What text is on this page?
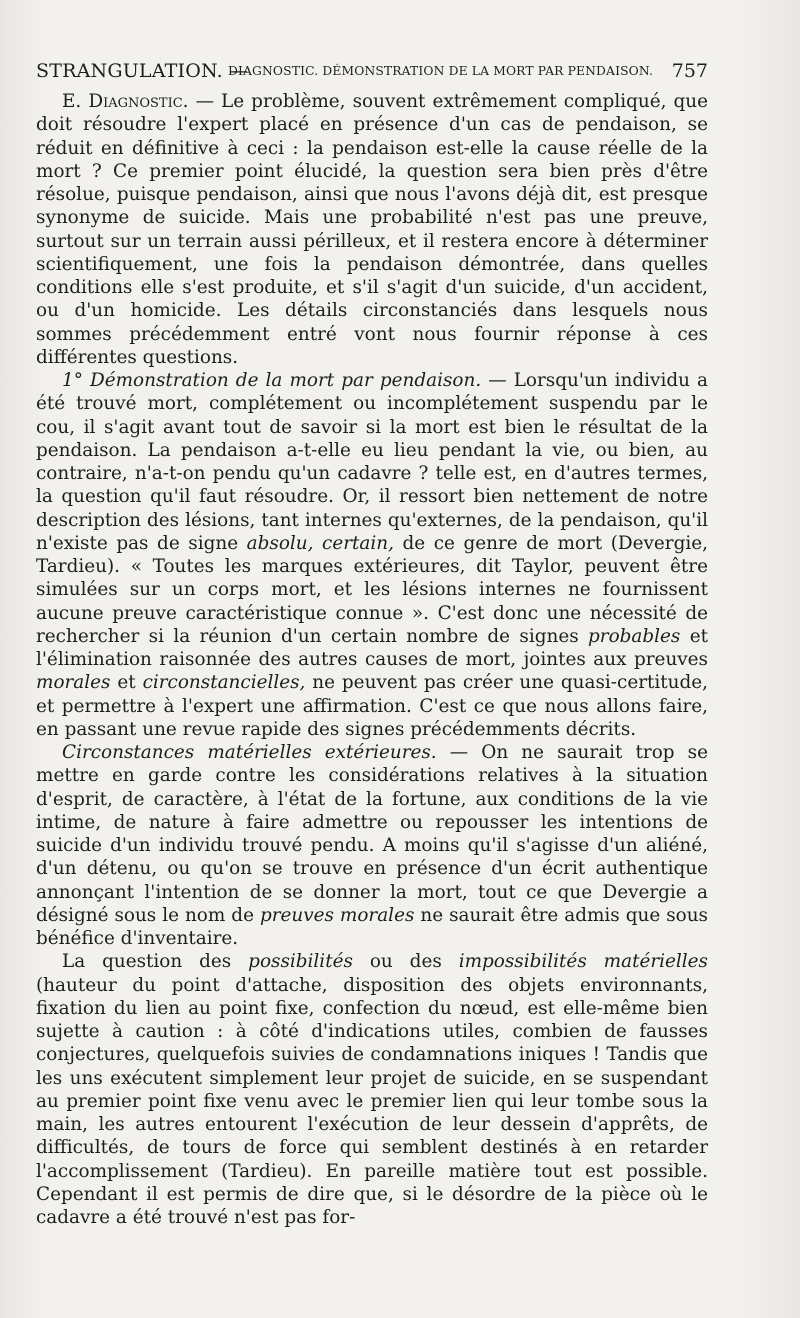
STRANGULATION. —
DIAGNOSTIC. DÉMONSTRATION DE LA MORT PAR PENDAISON. 757

E. Diagnostic. — Le problème, souvent extrêmement compliqué, que doit résoudre l'expert placé en présence d'un cas de pendaison, se réduit en définitive à ceci : la pendaison est-elle la cause réelle de la mort ? Ce premier point élucidé, la question sera bien près d'être résolue, puisque pendaison, ainsi que nous l'avons déjà dit, est presque synonyme de suicide. Mais une probabilité n'est pas une preuve, surtout sur un terrain aussi périlleux, et il restera encore à déterminer scientifiquement, une fois la pendaison démontrée, dans quelles conditions elle s'est produite, et s'il s'agit d'un suicide, d'un accident, ou d'un homicide. Les détails circonstanciés dans lesquels nous sommes précédemment entré vont nous fournir réponse à ces différentes questions.

1° Démonstration de la mort par pendaison. — Lorsqu'un individu a été trouvé mort, complétement ou incomplétement suspendu par le cou, il s'agit avant tout de savoir si la mort est bien le résultat de la pendaison. La pendaison a-t-elle eu lieu pendant la vie, ou bien, au contraire, n'a-t-on pendu qu'un cadavre ? telle est, en d'autres termes, la question qu'il faut résoudre. Or, il ressort bien nettement de notre description des lésions, tant internes qu'externes, de la pendaison, qu'il n'existe pas de signe absolu, certain, de ce genre de mort (Devergie, Tardieu). « Toutes les marques extérieures, dit Taylor, peuvent être simulées sur un corps mort, et les lésions internes ne fournissent aucune preuve caractéristique connue ». C'est donc une nécessité de rechercher si la réunion d'un certain nombre de signes probables et l'élimination raisonnée des autres causes de mort, jointes aux preuves morales et circonstancielles, ne peuvent pas créer une quasi-certitude, et permettre à l'expert une affirmation. C'est ce que nous allons faire, en passant une revue rapide des signes précédemments décrits.

Circonstances matérielles extérieures. — On ne saurait trop se mettre en garde contre les considérations relatives à la situation d'esprit, de caractère, à l'état de la fortune, aux conditions de la vie intime, de nature à faire admettre ou repousser les intentions de suicide d'un individu trouvé pendu. A moins qu'il s'agisse d'un aliéné, d'un détenu, ou qu'on se trouve en présence d'un écrit authentique annonçant l'intention de se donner la mort, tout ce que Devergie a désigné sous le nom de preuves morales ne saurait être admis que sous bénéfice d'inventaire.

La question des possibilités ou des impossibilités matérielles (hauteur du point d'attache, disposition des objets environnants, fixation du lien au point fixe, confection du nœud, est elle-même bien sujette à caution : à côté d'indications utiles, combien de fausses conjectures, quelquefois suivies de condamnations iniques ! Tandis que les uns exécutent simplement leur projet de suicide, en se suspendant au premier point fixe venu avec le premier lien qui leur tombe sous la main, les autres entourent l'exécution de leur dessein d'apprêts, de difficultés, de tours de force qui semblent destinés à en retarder l'accomplissement (Tardieu). En pareille matière tout est possible. Cependant il est permis de dire que, si le désordre de la pièce où le cadavre a été trouvé n'est pas for-
